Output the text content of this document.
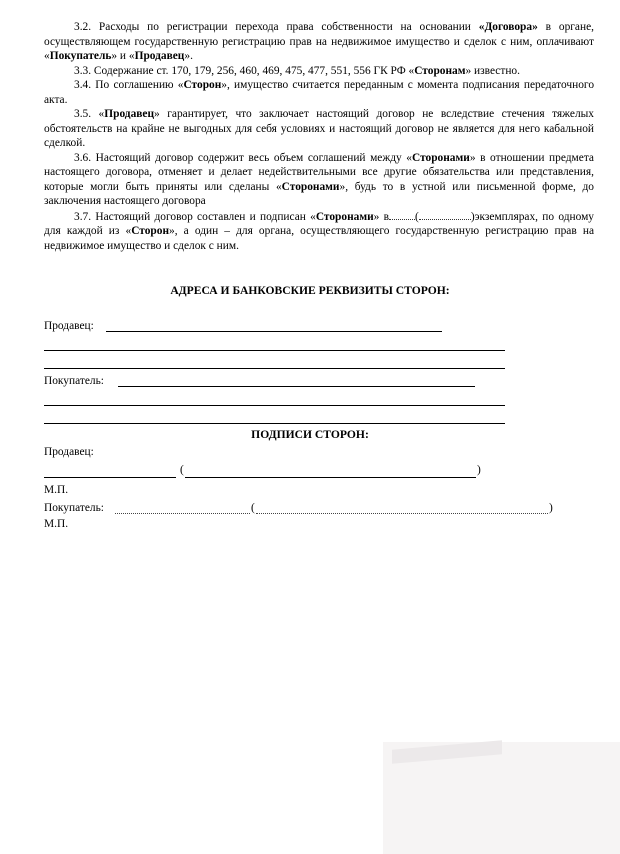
3.2. Расходы по регистрации перехода права собственности на основании «Договора» в органе, осуществляющем государственную регистрацию прав на недвижимое имущество и сделок с ним, оплачивают «Покупатель» и «Продавец».

3.3. Содержание ст. 170, 179, 256, 460, 469, 475, 477, 551, 556 ГК РФ «Сторонам» известно.

3.4. По соглашению «Сторон», имущество считается переданным с момента подписания передаточного акта.

3.5. «Продавец» гарантирует, что заключает настоящий договор не вследствие стечения тяжелых обстоятельств на крайне не выгодных для себя условиях и настоящий договор не является для него кабальной сделкой.

3.6. Настоящий договор содержит весь объем соглашений между «Сторонами» в отношении предмета настоящего договора, отменяет и делает недействительными все другие обязательства или представления, которые могли быть приняты или сделаны «Сторонами», будь то в устной или письменной форме, до заключения настоящего договора

3.7. Настоящий договор составлен и подписан «Сторонами» в (	)экземплярах, по одному для каждой из «Сторон», а один – для органа, осуществляющего государственную регистрацию прав на недвижимое имущество и сделок с ним.

АДРЕСА И БАНКОВСКИЕ РЕКВИЗИТЫ СТОРОН:
Продавец:
Покупатель:
ПОДПИСИ СТОРОН:
Продавец:
(	)
М.П.
Покупатель:	(	)
М.П.
